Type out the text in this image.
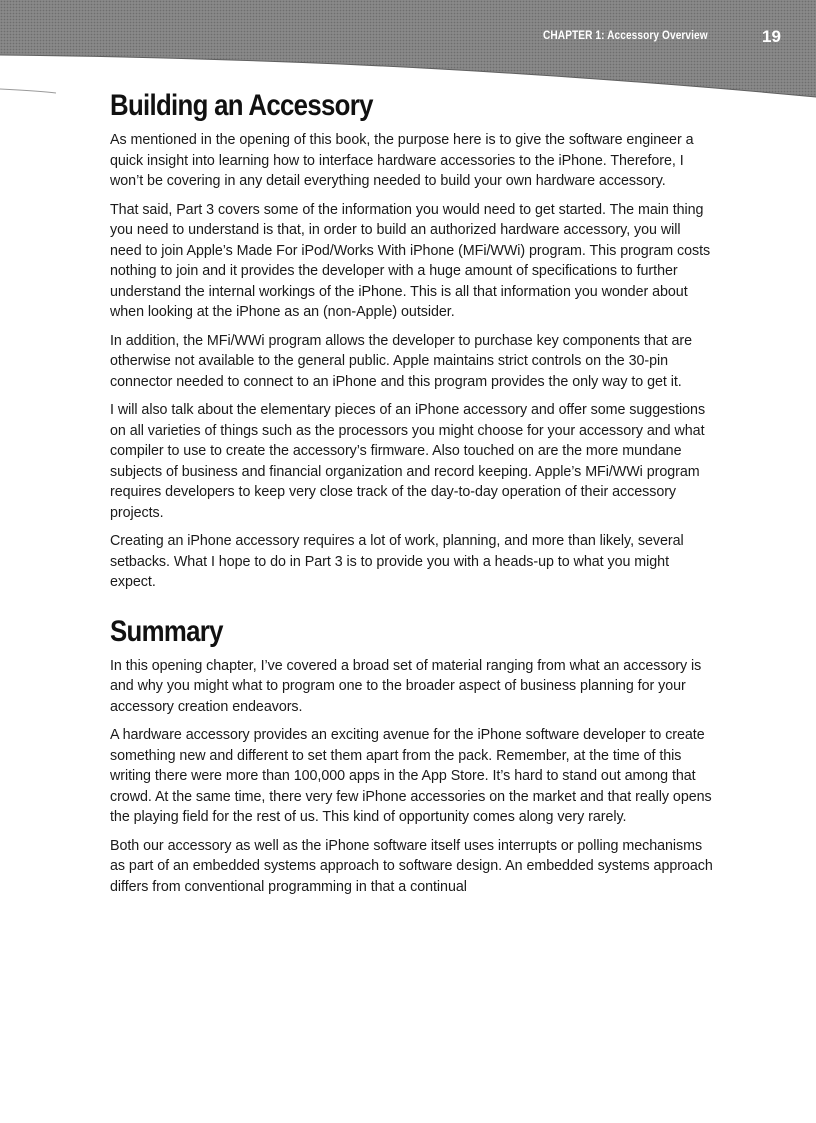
CHAPTER 1: Accessory Overview	19
Building an Accessory

As mentioned in the opening of this book, the purpose here is to give the software engineer a quick insight into learning how to interface hardware accessories to the iPhone. Therefore, I won’t be covering in any detail everything needed to build your own hardware accessory.

That said, Part 3 covers some of the information you would need to get started. The main thing you need to understand is that, in order to build an authorized hardware accessory, you will need to join Apple’s Made For iPod/Works With iPhone (MFi/WWi) program. This program costs nothing to join and it provides the developer with a huge amount of specifications to further understand the internal workings of the iPhone. This is all that information you wonder about when looking at the iPhone as an (non-Apple) outsider.

In addition, the MFi/WWi program allows the developer to purchase key components that are otherwise not available to the general public. Apple maintains strict controls on the 30-pin connector needed to connect to an iPhone and this program provides the only way to get it.

I will also talk about the elementary pieces of an iPhone accessory and offer some suggestions on all varieties of things such as the processors you might choose for your accessory and what compiler to use to create the accessory’s firmware. Also touched on are the more mundane subjects of business and financial organization and record keeping. Apple’s MFi/WWi program requires developers to keep very close track of the day-to-day operation of their accessory projects.

Creating an iPhone accessory requires a lot of work, planning, and more than likely, several setbacks. What I hope to do in Part 3 is to provide you with a heads-up to what you might expect.

Summary

In this opening chapter, I’ve covered a broad set of material ranging from what an accessory is and why you might what to program one to the broader aspect of business planning for your accessory creation endeavors.

A hardware accessory provides an exciting avenue for the iPhone software developer to create something new and different to set them apart from the pack. Remember, at the time of this writing there were more than 100,000 apps in the App Store. It’s hard to stand out among that crowd. At the same time, there very few iPhone accessories on the market and that really opens the playing field for the rest of us. This kind of opportunity comes along very rarely.

Both our accessory as well as the iPhone software itself uses interrupts or polling mechanisms as part of an embedded systems approach to software design. An embedded systems approach differs from conventional programming in that a continual
